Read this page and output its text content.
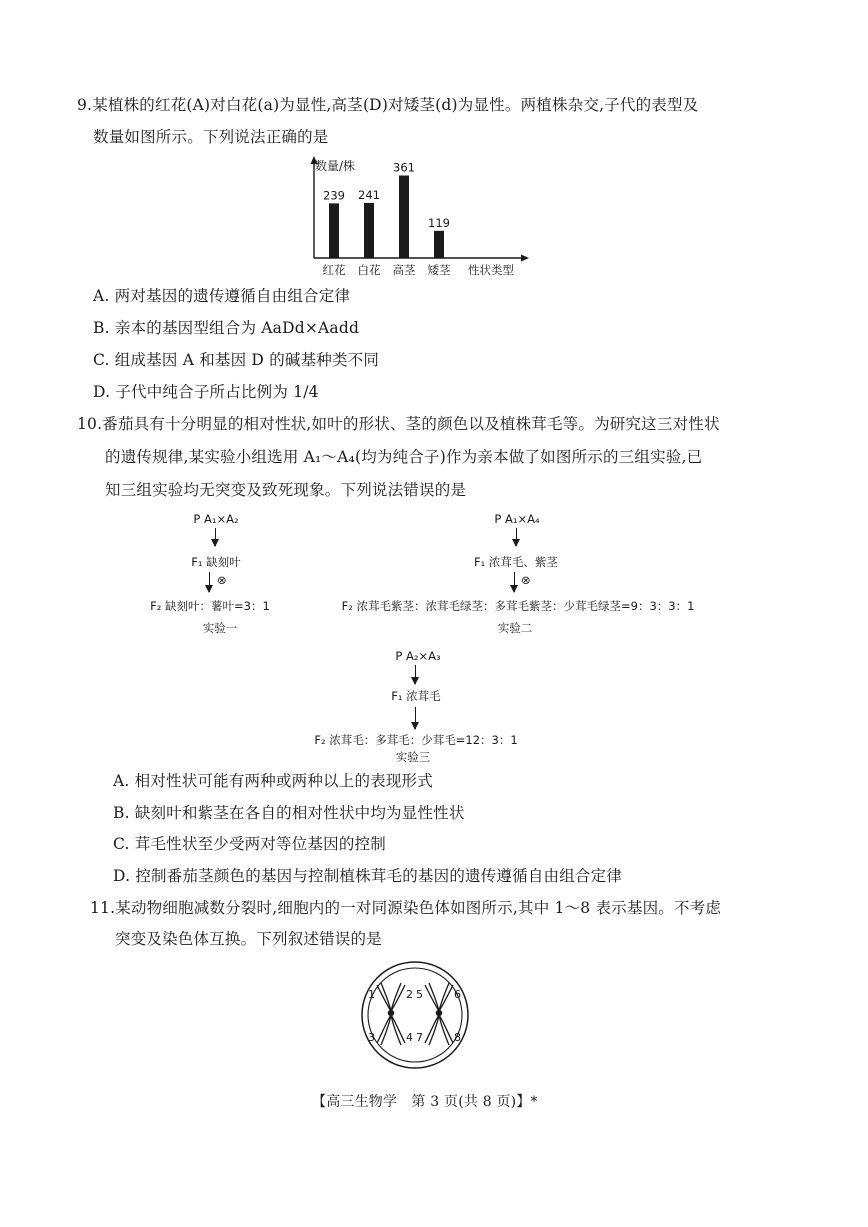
9.某植株的红花(A)对白花(a)为显性,高茎(D)对矮茎(d)为显性。两植株杂交,子代的表型及
数量如图所示。下列说法正确的是
数量/株
性状类型
239
红花
241
白花
361
高茎
119
矮茎
A. 两对基因的遗传遵循自由组合定律
B. 亲本的基因型组合为 AaDd×Aadd
C. 组成基因 A 和基因 D 的碱基种类不同
D. 子代中纯合子所占比例为 1/4
10.番茄具有十分明显的相对性状,如叶的形状、茎的颜色以及植株茸毛等。为研究这三对性状
的遗传规律,某实验小组选用 A₁～A₄(均为纯合子)作为亲本做了如图所示的三组实验,已
知三组实验均无突变及致死现象。下列说法错误的是
P A₁×A₂
F₁ 缺刻叶
⊗
F₂ 缺刻叶：薯叶=3：1
实验一
P A₁×A₄
F₁ 浓茸毛、紫茎
⊗
F₂ 浓茸毛紫茎：浓茸毛绿茎：多茸毛紫茎：少茸毛绿茎=9：3：3：1
实验二
P A₂×A₃
F₁ 浓茸毛
F₂ 浓茸毛：多茸毛：少茸毛=12：3：1
实验三
A. 相对性状可能有两种或两种以上的表现形式
B. 缺刻叶和紫茎在各自的相对性状中均为显性性状
C. 茸毛性状至少受两对等位基因的控制
D. 控制番茄茎颜色的基因与控制植株茸毛的基因的遗传遵循自由组合定律
11.某动物细胞减数分裂时,细胞内的一对同源染色体如图所示,其中 1～8 表示基因。不考虑
突变及染色体互换。下列叙述错误的是
1	2
3	4
5	6
7	8
【高三生物学　第 3 页(共 8 页)】*
